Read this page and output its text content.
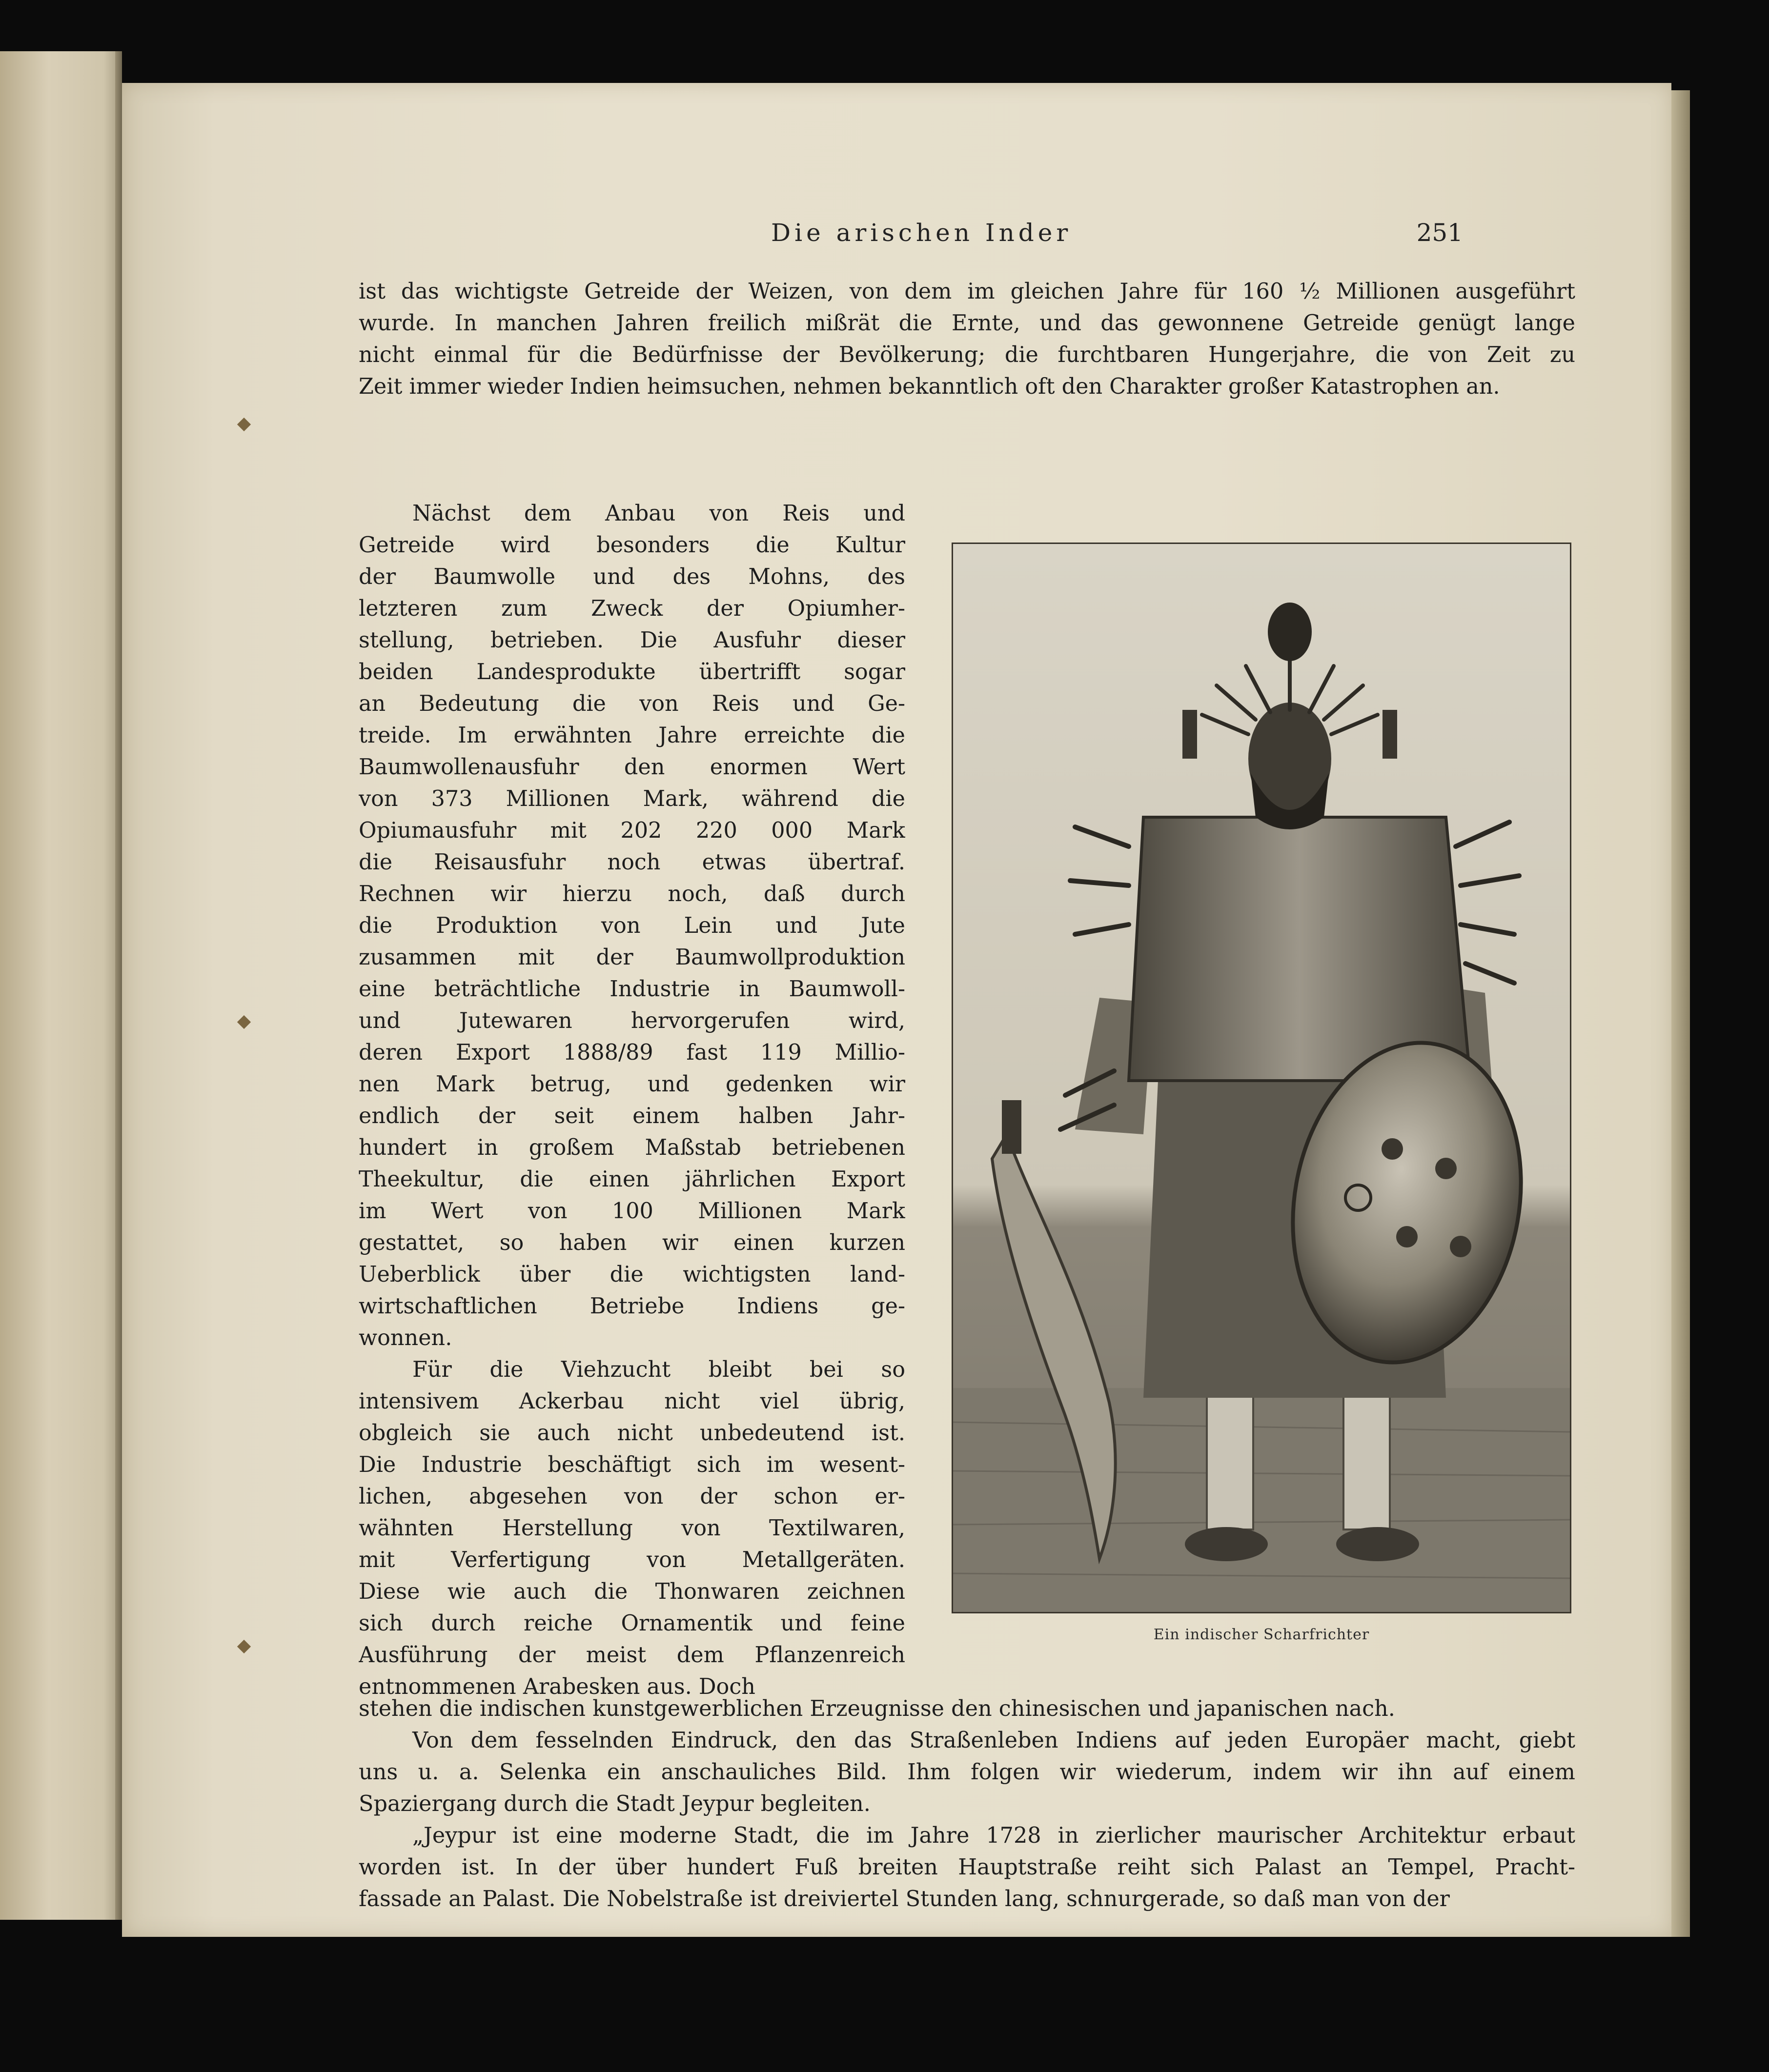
Die arischen Inder	251
ist das wichtigste Getreide der Weizen, von dem im gleichen Jahre für 160 ½ Millionen ausgeführt
wurde. In manchen Jahren freilich mißrät die Ernte, und das gewonnene Getreide genügt lange
nicht einmal für die Bedürfnisse der Bevölkerung; die furchtbaren Hungerjahre, die von Zeit zu
Zeit immer wieder Indien heimsuchen, nehmen bekanntlich oft den Charakter großer Katastrophen an.
Nächst dem Anbau von Reis und
Getreide wird besonders die Kultur
der Baumwolle und des Mohns, des
letzteren zum Zweck der Opiumher-
stellung, betrieben. Die Ausfuhr dieser
beiden Landesprodukte übertrifft sogar
an Bedeutung die von Reis und Ge-
treide. Im erwähnten Jahre erreichte die
Baumwollenausfuhr den enormen Wert
von 373 Millionen Mark, während die
Opiumausfuhr mit 202 220 000 Mark
die Reisausfuhr noch etwas übertraf.
Rechnen wir hierzu noch, daß durch
die Produktion von Lein und Jute
zusammen mit der Baumwollproduktion
eine beträchtliche Industrie in Baumwoll-
und Jutewaren hervorgerufen wird,
deren Export 1888/89 fast 119 Millio-
nen Mark betrug, und gedenken wir
endlich der seit einem halben Jahr-
hundert in großem Maßstab betriebenen
Theekultur, die einen jährlichen Export
im Wert von 100 Millionen Mark
gestattet, so haben wir einen kurzen
Ueberblick über die wichtigsten land-
wirtschaftlichen Betriebe Indiens ge-
wonnen.
Für die Viehzucht bleibt bei so
intensivem Ackerbau nicht viel übrig,
obgleich sie auch nicht unbedeutend ist.
Die Industrie beschäftigt sich im wesent-
lichen, abgesehen von der schon er-
wähnten Herstellung von Textilwaren,
mit Verfertigung von Metallgeräten.
Diese wie auch die Thonwaren zeichnen
sich durch reiche Ornamentik und feine
Ausführung der meist dem Pflanzenreich
entnommenen Arabesken aus. Doch
stehen die indischen kunstgewerblichen Erzeugnisse den chinesischen und japanischen nach.
Von dem fesselnden Eindruck, den das Straßenleben Indiens auf jeden Europäer macht, giebt
uns u. a. Selenka ein anschauliches Bild. Ihm folgen wir wiederum, indem wir ihn auf einem
Spaziergang durch die Stadt Jeypur begleiten.
„Jeypur ist eine moderne Stadt, die im Jahre 1728 in zierlicher maurischer Architektur erbaut
worden ist. In der über hundert Fuß breiten Hauptstraße reiht sich Palast an Tempel, Pracht-
fassade an Palast. Die Nobelstraße ist dreiviertel Stunden lang, schnurgerade, so daß man von der
Ein indischer Scharfrichter
